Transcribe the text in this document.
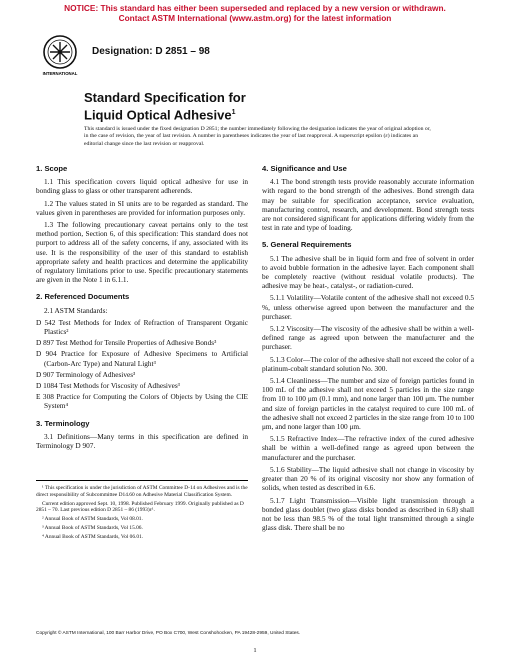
NOTICE: This standard has either been superseded and replaced by a new version or withdrawn.
Contact ASTM International (www.astm.org) for the latest information
INTERNATIONAL
Designation: D 2851 – 98
Standard Specification for
Liquid Optical Adhesive$^1$
This standard is issued under the fixed designation D 2851; the number immediately following the designation indicates the year of original adoption or, in the case of revision, the year of last revision. A number in parentheses indicates the year of last reapproval. A superscript epsilon (ε) indicates an editorial change since the last revision or reapproval.
1. Scope

1.1 This specification covers liquid optical adhesive for use in bonding glass to glass or other transparent adherends.

1.2 The values stated in SI units are to be regarded as standard. The values given in parentheses are provided for information purposes only.

1.3 The following precautionary caveat pertains only to the test method portion, Section 6, of this specification: This standard does not purport to address all of the safety concerns, if any, associated with its use. It is the responsibility of the user of this standard to establish appropriate safety and health practices and determine the applicability of regulatory limitations prior to use. Specific precautionary statements are given in the Note 1 in 6.1.1.

2. Referenced Documents

2.1 ASTM Standards:

D 542 Test Methods for Index of Refraction of Transparent Organic Plastics²

D 897 Test Method for Tensile Properties of Adhesive Bonds³

D 904 Practice for Exposure of Adhesive Specimens to Artificial (Carbon-Arc Type) and Natural Light³

D 907 Terminology of Adhesives³

D 1084 Test Methods for Viscosity of Adhesives³

E 308 Practice for Computing the Colors of Objects by Using the CIE System⁴

3. Terminology

3.1 Definitions—Many terms in this specification are defined in Terminology D 907.

¹ This specification is under the jurisdiction of ASTM Committee D-14 on Adhesives and is the direct responsibility of Subcommittee D14.60 on Adhesive Material Classification System.

Current edition approved Sept. 10, 1998. Published February 1999. Originally published as D 2851 – 70. Last previous edition D 2851 – 86 (1993)ε¹.

² Annual Book of ASTM Standards, Vol 08.01.

³ Annual Book of ASTM Standards, Vol 15.06.

⁴ Annual Book of ASTM Standards, Vol 06.01.

4. Significance and Use

4.1 The bond strength tests provide reasonably accurate information with regard to the bond strength of the adhesives. Bond strength data may be suitable for specification acceptance, service evaluation, manufacturing control, research, and development. Bond strength tests are not considered significant for applications differing widely from the test in rate and type of loading.

5. General Requirements

5.1 The adhesive shall be in liquid form and free of solvent in order to avoid bubble formation in the adhesive layer. Each component shall be completely reactive (without residual volatile products). The adhesive may be heat-, catalyst-, or radiation-cured.

5.1.1 Volatility—Volatile content of the adhesive shall not exceed 0.5 %, unless otherwise agreed upon between the manufacturer and the purchaser.

5.1.2 Viscosity—The viscosity of the adhesive shall be within a well-defined range as agreed upon between the manufacturer and the purchaser.

5.1.3 Color—The color of the adhesive shall not exceed the color of a platinum-cobalt standard solution No. 300.

5.1.4 Cleanliness—The number and size of foreign particles found in 100 mL of the adhesive shall not exceed 5 particles in the size range from 10 to 100 μm (0.1 mm), and none larger than 100 μm. The number and size of foreign particles in the catalyst required to cure 100 mL of the adhesive shall not exceed 2 particles in the size range from 10 to 100 μm, and none larger than 100 μm.

5.1.5 Refractive Index—The refractive index of the cured adhesive shall be within a well-defined range as agreed upon between the manufacturer and the purchaser.

5.1.6 Stability—The liquid adhesive shall not change in viscosity by greater than 20 % of its original viscosity nor show any formation of solids, when tested as described in 6.6.

5.1.7 Light Transmission—Visible light transmission through a bonded glass doublet (two glass disks bonded as described in 6.8) shall not be less than 98.5 % of the total light transmitted through a single glass disk. There shall be no

Copyright © ASTM International, 100 Barr Harbor Drive, PO Box C700, West Conshohocken, PA 19428-2959, United States.
1
